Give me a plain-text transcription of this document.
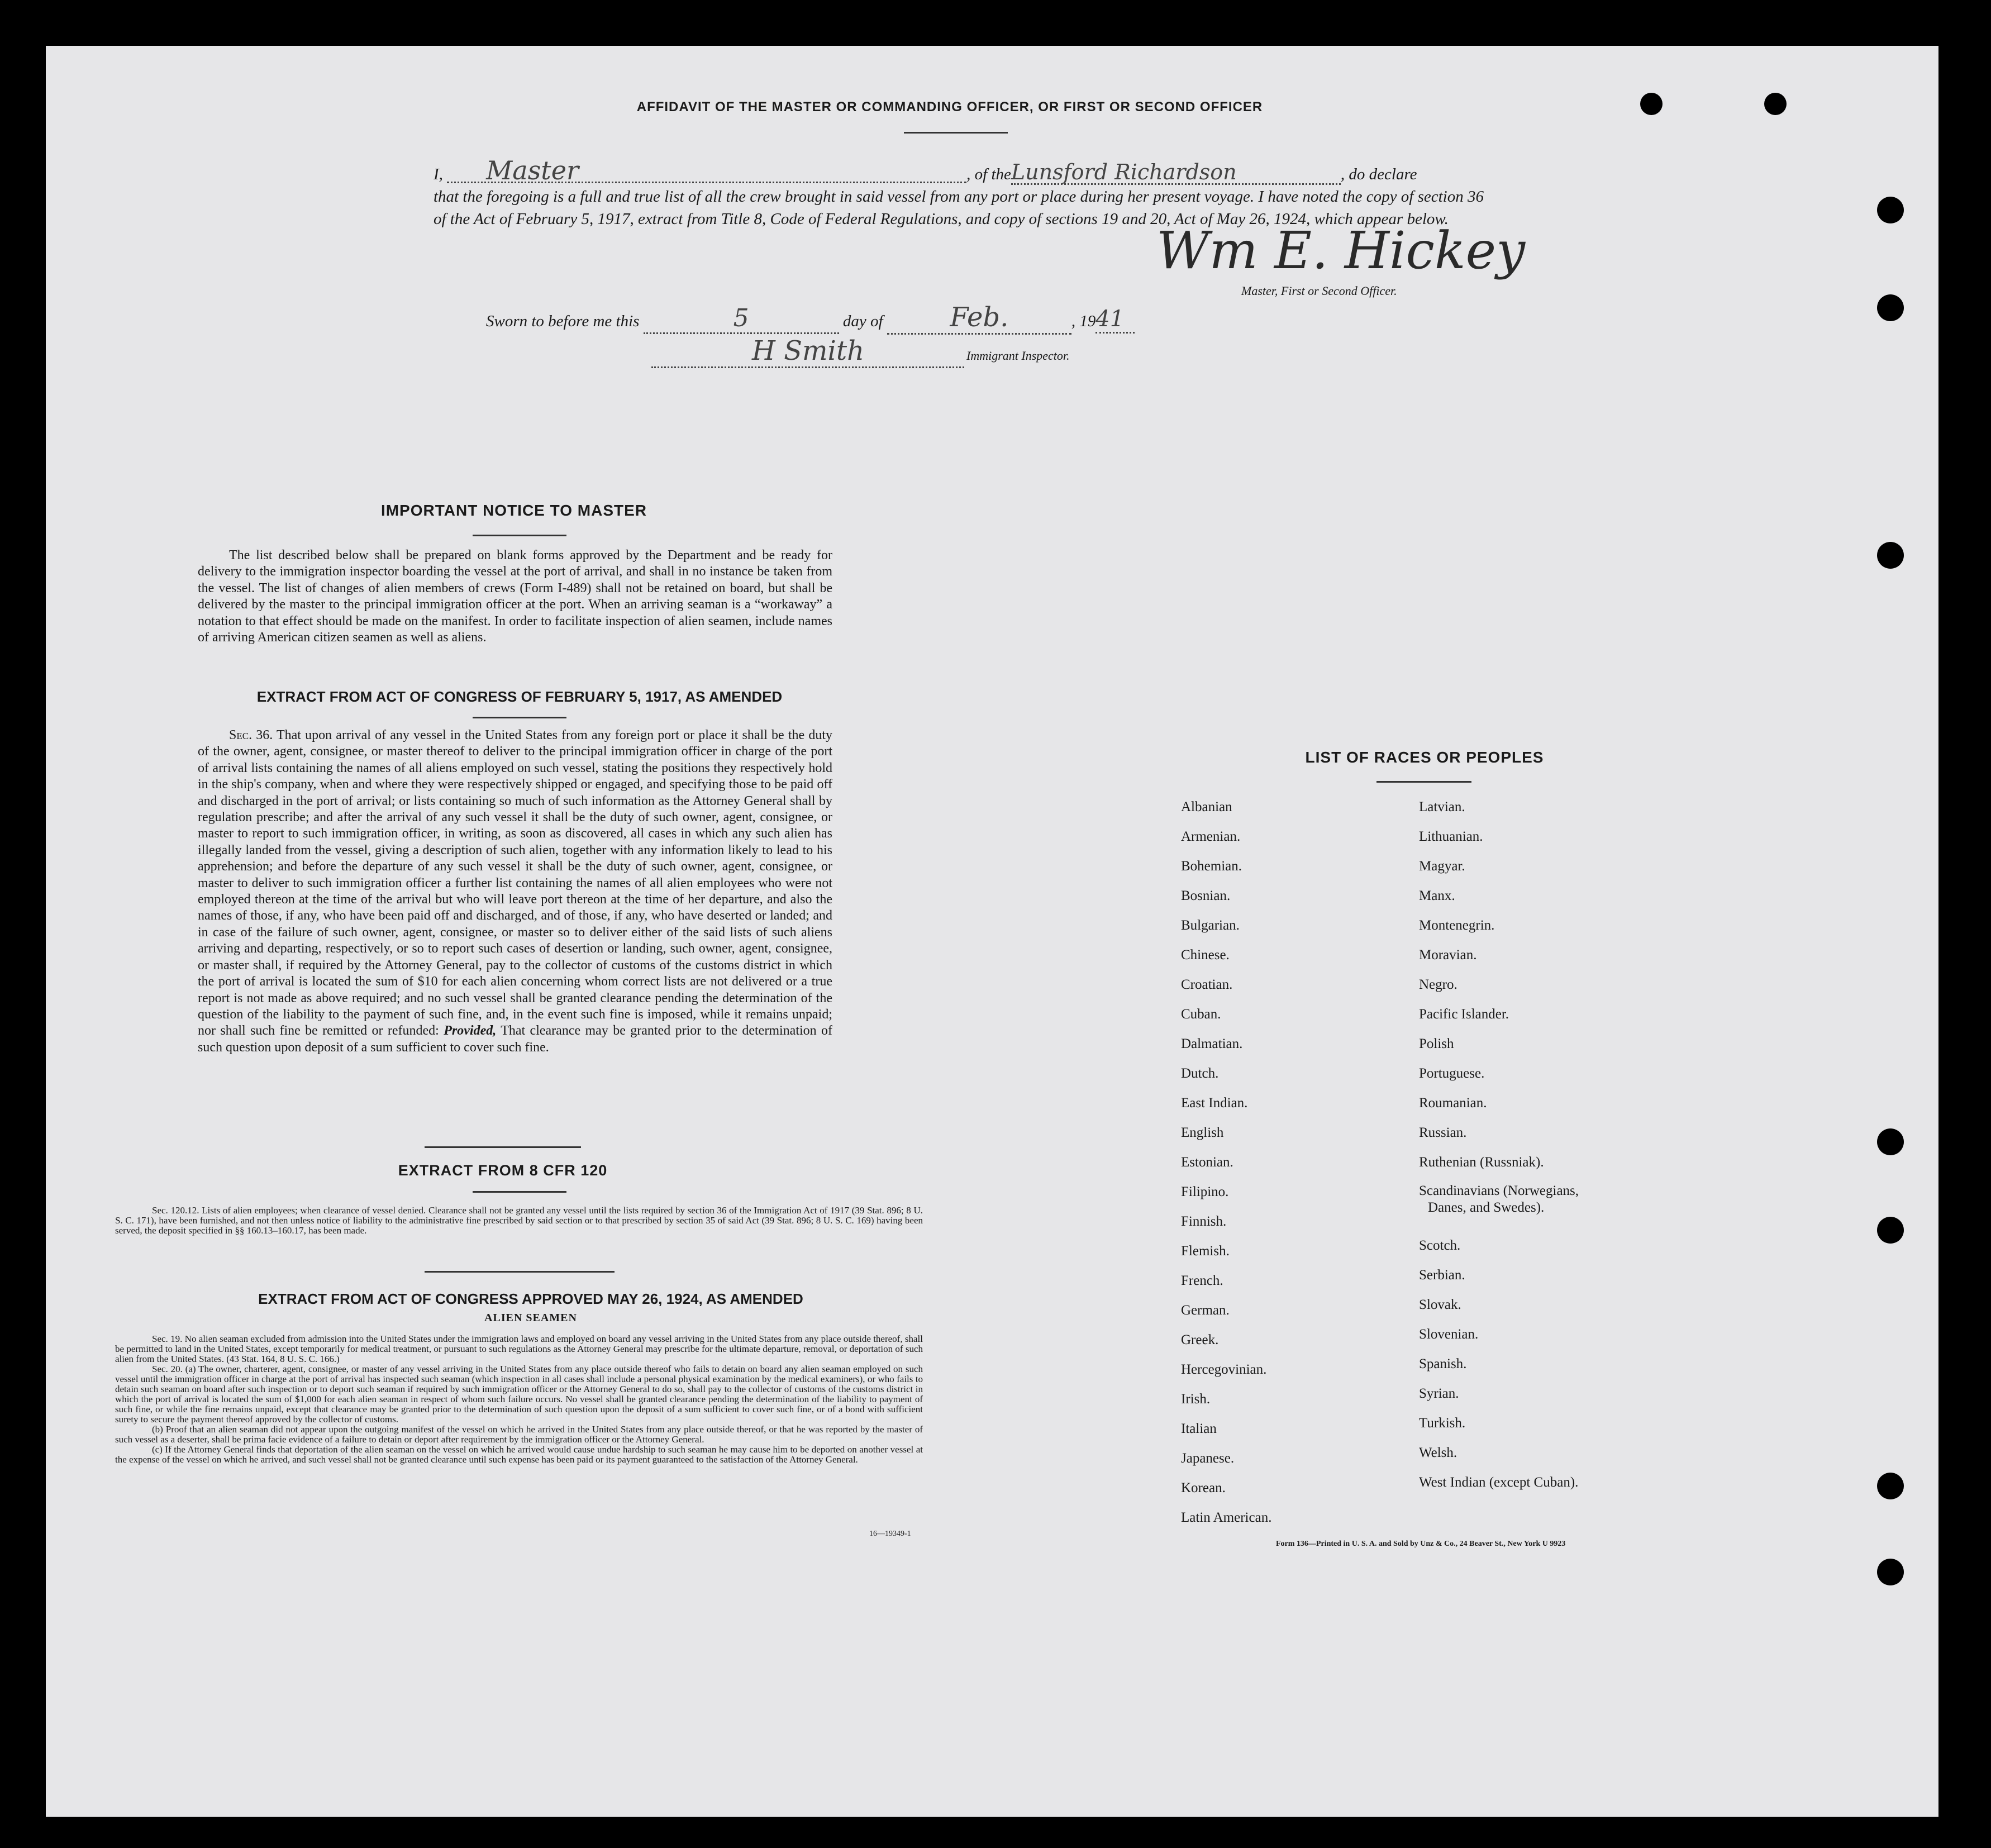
AFFIDAVIT OF THE MASTER OR COMMANDING OFFICER, OR FIRST OR SECOND OFFICER
I, Master	, of theLunsford Richardson	, do declare
that the foregoing is a full and true list of all the crew brought in said vessel from any port or place during her present voyage. I have noted the copy of section 36 of the Act of February 5, 1917, extract from Title 8, Code of Federal Regulations, and copy of sections 19 and 20, Act of May 26, 1924, which appear below.
Wm E. Hickey
Master, First or Second Officer.
Sworn to before me this	5	day of Feb.	, 1941
H Smith	Immigrant Inspector.
IMPORTANT NOTICE TO MASTER
The list described below shall be prepared on blank forms approved by the Department and be ready for delivery to the immigration inspector boarding the vessel at the port of arrival, and shall in no instance be taken from the vessel. The list of changes of alien members of crews (Form I-489) shall not be retained on board, but shall be delivered by the master to the principal immigration officer at the port. When an arriving seaman is a “workaway” a notation to that effect should be made on the manifest. In order to facilitate inspection of alien seamen, include names of arriving American citizen seamen as well as aliens.
EXTRACT FROM ACT OF CONGRESS OF FEBRUARY 5, 1917, AS AMENDED
Sec. 36. That upon arrival of any vessel in the United States from any foreign port or place it shall be the duty of the owner, agent, consignee, or master thereof to deliver to the principal immigration officer in charge of the port of arrival lists containing the names of all aliens employed on such vessel, stating the positions they respectively hold in the ship's company, when and where they were respectively shipped or engaged, and specifying those to be paid off and discharged in the port of arrival; or lists containing so much of such information as the Attorney General shall by regulation prescribe; and after the arrival of any such vessel it shall be the duty of such owner, agent, consignee, or master to report to such immigration officer, in writing, as soon as discovered, all cases in which any such alien has illegally landed from the vessel, giving a description of such alien, together with any information likely to lead to his apprehension; and before the departure of any such vessel it shall be the duty of such owner, agent, consignee, or master to deliver to such immigration officer a further list containing the names of all alien employees who were not employed thereon at the time of the arrival but who will leave port thereon at the time of her departure, and also the names of those, if any, who have been paid off and discharged, and of those, if any, who have deserted or landed; and in case of the failure of such owner, agent, consignee, or master so to deliver either of the said lists of such aliens arriving and departing, respectively, or so to report such cases of desertion or landing, such owner, agent, consignee, or master shall, if required by the Attorney General, pay to the collector of customs of the customs district in which the port of arrival is located the sum of $10 for each alien concerning whom correct lists are not delivered or a true report is not made as above required; and no such vessel shall be granted clearance pending the determination of the question of the liability to the payment of such fine, and, in the event such fine is imposed, while it remains unpaid; nor shall such fine be remitted or refunded: Provided, That clearance may be granted prior to the determination of such question upon deposit of a sum sufficient to cover such fine.
EXTRACT FROM 8 CFR 120
Sec. 120.12. Lists of alien employees; when clearance of vessel denied. Clearance shall not be granted any vessel until the lists required by section 36 of the Immigration Act of 1917 (39 Stat. 896; 8 U. S. C. 171), have been furnished, and not then unless notice of liability to the administrative fine prescribed by said section or to that prescribed by section 35 of said Act (39 Stat. 896; 8 U. S. C. 169) having been served, the deposit specified in §§ 160.13–160.17, has been made.
EXTRACT FROM ACT OF CONGRESS APPROVED MAY 26, 1924, AS AMENDED
ALIEN SEAMEN
Sec. 19. No alien seaman excluded from admission into the United States under the immigration laws and employed on board any vessel arriving in the United States from any place outside thereof, shall be permitted to land in the United States, except temporarily for medical treatment, or pursuant to such regulations as the Attorney General may prescribe for the ultimate departure, removal, or deportation of such alien from the United States. (43 Stat. 164, 8 U. S. C. 166.)
Sec. 20. (a) The owner, charterer, agent, consignee, or master of any vessel arriving in the United States from any place outside thereof who fails to detain on board any alien seaman employed on such vessel until the immigration officer in charge at the port of arrival has inspected such seaman (which inspection in all cases shall include a personal physical examination by the medical examiners), or who fails to detain such seaman on board after such inspection or to deport such seaman if required by such immigration officer or the Attorney General to do so, shall pay to the collector of customs of the customs district in which the port of arrival is located the sum of $1,000 for each alien seaman in respect of whom such failure occurs. No vessel shall be granted clearance pending the determination of the liability to payment of such fine, or while the fine remains unpaid, except that clearance may be granted prior to the determination of such question upon the deposit of a sum sufficient to cover such fine, or of a bond with sufficient surety to secure the payment thereof approved by the collector of customs.
(b) Proof that an alien seaman did not appear upon the outgoing manifest of the vessel on which he arrived in the United States from any place outside thereof, or that he was reported by the master of such vessel as a deserter, shall be prima facie evidence of a failure to detain or deport after requirement by the immigration officer or the Attorney General.
(c) If the Attorney General finds that deportation of the alien seaman on the vessel on which he arrived would cause undue hardship to such seaman he may cause him to be deported on another vessel at the expense of the vessel on which he arrived, and such vessel shall not be granted clearance until such expense has been paid or its payment guaranteed to the satisfaction of the Attorney General.
16—19349-1
LIST OF RACES OR PEOPLES
Albanian
Armenian.
Bohemian.
Bosnian.
Bulgarian.
Chinese.
Croatian.
Cuban.
Dalmatian.
Dutch.
East Indian.
English
Estonian.
Filipino.
Finnish.
Flemish.
French.
German.
Greek.
Hercegovinian.
Irish.
Italian
Japanese.
Korean.
Latin American.
Latvian.
Lithuanian.
Magyar.
Manx.
Montenegrin.
Moravian.
Negro.
Pacific Islander.
Polish
Portuguese.
Roumanian.
Russian.
Ruthenian (Russniak).
Scandinavians (Norwegians,
Danes, and Swedes).
Scotch.
Serbian.
Slovak.
Slovenian.
Spanish.
Syrian.
Turkish.
Welsh.
West Indian (except Cuban).
Form 136—Printed in U. S. A. and Sold by Unz & Co., 24 Beaver St., New York U 9923
